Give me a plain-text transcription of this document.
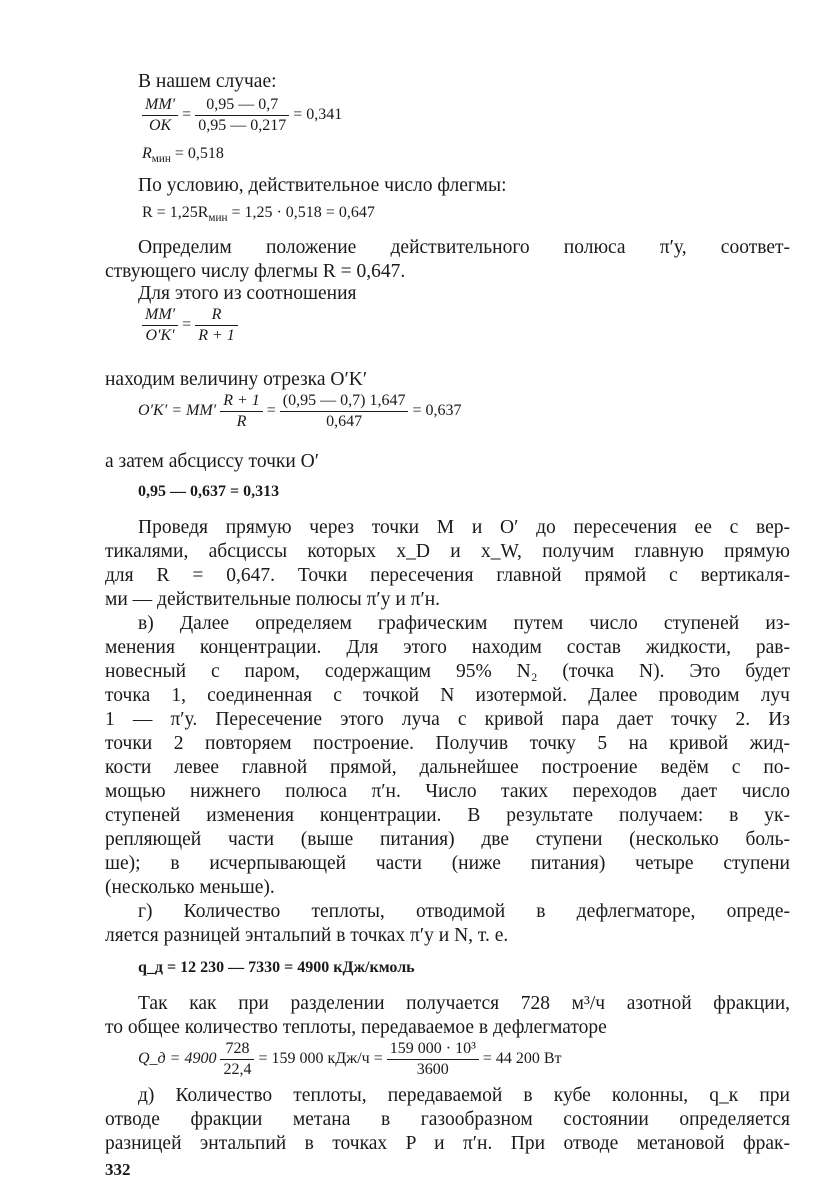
В нашем случае:
$\frac{MM'}{OK} = \frac{0,95 — 0,7}{0,95 — 0,217} = 0,341$
$R_{мин} = 0,518$
По условию, действительное число флегмы:
$R = 1,25R_{мин} = 1,25 \cdot 0,518 = 0,647$
Определим положение действительного полюса π′у, соответ-
ствующего числу флегмы R = 0,647.
Для этого из соотношения
$\frac{MM'}{O'K'} = \frac{R}{R + 1}$
находим величину отрезка O′K′
$O'K' = MM' \frac{R + 1}{R} = \frac{(0,95 — 0,7) 1,647}{0,647} = 0,637$
а затем абсциссу точки O′
0,95 — 0,637 = 0,313
Проведя прямую через точки M и O′ до пересечения ее с вер-
тикалями, абсциссы которых x_D и x_W, получим главную прямую
для R = 0,647. Точки пересечения главной прямой с вертикаля-
ми — действительные полюсы π′у и π′н.
в) Далее определяем графическим путем число ступеней из-
менения концентрации. Для этого находим состав жидкости, рав-
новесный с паром, содержащим 95% N₂ (точка N). Это будет
точка 1, соединенная с точкой N изотермой. Далее проводим луч
1 — π′у. Пересечение этого луча с кривой пара дает точку 2. Из
точки 2 повторяем построение. Получив точку 5 на кривой жид-
кости левее главной прямой, дальнейшее построение ведём с по-
мощью нижнего полюса π′н. Число таких переходов дает число
ступеней изменения концентрации. В результате получаем: в ук-
репляющей части (выше питания) две ступени (несколько боль-
ше); в исчерпывающей части (ниже питания) четыре ступени
(несколько меньше).
г) Количество теплоты, отводимой в дефлегматоре, опреде-
ляется разницей энтальпий в точках π′у и N, т. е.
q_д = 12 230 — 7330 = 4900 кДж/кмоль
Так как при разделении получается 728 м³/ч азотной фракции,
то общее количество теплоты, передаваемое в дефлегматоре
Q_д = $4900 \frac{728}{22,4} = 159$ 000 $кДж/ч = \frac{\text{159 000 · 10³}}{3600} = 44$ 200 Вт
д) Количество теплоты, передаваемой в кубе колонны, q_к при
отводе фракции метана в газообразном состоянии определяется
разницей энтальпий в точках P и π′н. При отводе метановой фрак-
332
